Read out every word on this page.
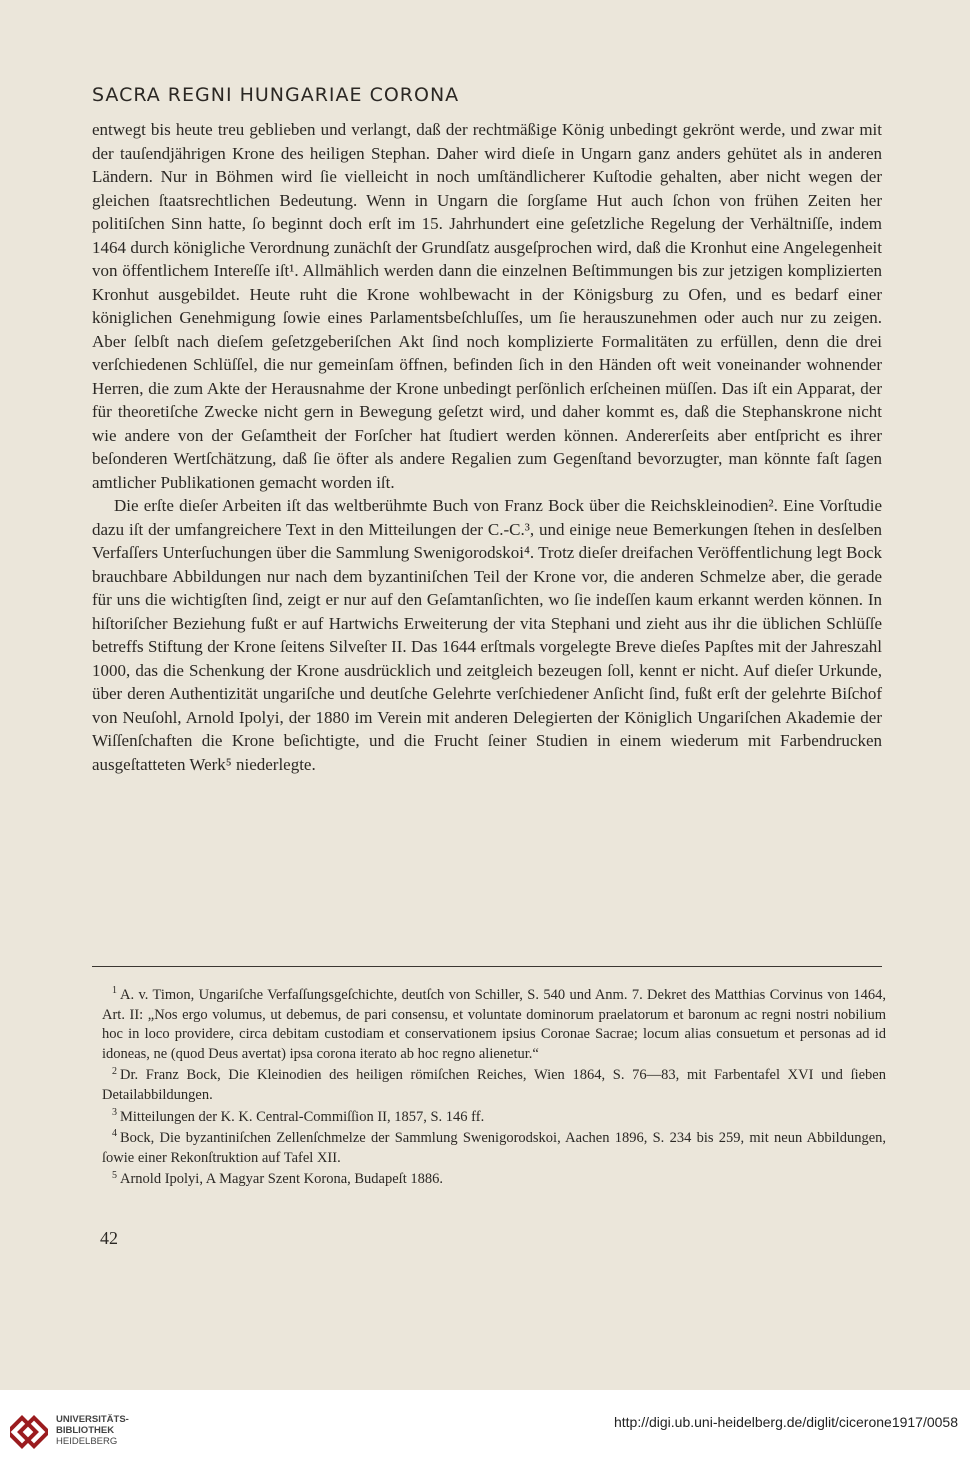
SACRA REGNI HUNGARIAE CORONA

entwegt bis heute treu geblieben und verlangt, daß der rechtmäßige König unbedingt gekrönt werde, und zwar mit der tauſendjährigen Krone des heiligen Stephan. Daher wird dieſe in Ungarn ganz anders gehütet als in anderen Ländern. Nur in Böhmen wird ſie vielleicht in noch umſtändlicherer Kuſtodie gehalten, aber nicht wegen der gleichen ſtaatsrechtlichen Bedeutung. Wenn in Ungarn die ſorgſame Hut auch ſchon von frühen Zeiten her politiſchen Sinn hatte, ſo beginnt doch erſt im 15. Jahrhundert eine geſetzliche Regelung der Verhältniſſe, indem 1464 durch königliche Verordnung zunächſt der Grundſatz ausgeſprochen wird, daß die Kronhut eine Angelegenheit von öffentlichem Intereſſe iſt¹. Allmählich werden dann die einzelnen Beſtimmungen bis zur jetzigen komplizierten Kronhut ausgebildet. Heute ruht die Krone wohlbewacht in der Königsburg zu Ofen, und es bedarf einer königlichen Genehmigung ſowie eines Parlamentsbeſchluſſes, um ſie herauszunehmen oder auch nur zu zeigen. Aber ſelbſt nach dieſem geſetzgeberiſchen Akt ſind noch komplizierte Formalitäten zu erfüllen, denn die drei verſchiedenen Schlüſſel, die nur gemeinſam öffnen, befinden ſich in den Händen oft weit voneinander wohnender Herren, die zum Akte der Herausnahme der Krone unbedingt perſönlich erſcheinen müſſen. Das iſt ein Apparat, der für theoretiſche Zwecke nicht gern in Bewegung geſetzt wird, und daher kommt es, daß die Stephanskrone nicht wie andere von der Geſamtheit der Forſcher hat ſtudiert werden können. Andererſeits aber entſpricht es ihrer beſonderen Wertſchätzung, daß ſie öfter als andere Regalien zum Gegenſtand bevorzugter, man könnte faſt ſagen amtlicher Publikationen gemacht worden iſt.

Die erſte dieſer Arbeiten iſt das weltberühmte Buch von Franz Bock über die Reichskleinodien². Eine Vorſtudie dazu iſt der umfangreichere Text in den Mitteilungen der C.-C.³, und einige neue Bemerkungen ſtehen in desſelben Verfaſſers Unterſuchungen über die Sammlung Swenigorodskoi⁴. Trotz dieſer dreifachen Veröffentlichung legt Bock brauchbare Abbildungen nur nach dem byzantiniſchen Teil der Krone vor, die anderen Schmelze aber, die gerade für uns die wichtigſten ſind, zeigt er nur auf den Geſamtanſichten, wo ſie indeſſen kaum erkannt werden können. In hiſtoriſcher Beziehung fußt er auf Hartwichs Erweiterung der vita Stephani und zieht aus ihr die üblichen Schlüſſe betreffs Stiftung der Krone ſeitens Silveſter II. Das 1644 erſtmals vorgelegte Breve dieſes Papſtes mit der Jahreszahl 1000, das die Schenkung der Krone ausdrücklich und zeitgleich bezeugen ſoll, kennt er nicht. Auf dieſer Urkunde, über deren Authentizität ungariſche und deutſche Gelehrte verſchiedener Anſicht ſind, fußt erſt der gelehrte Biſchof von Neuſohl, Arnold Ipolyi, der 1880 im Verein mit anderen Delegierten der Königlich Ungariſchen Akademie der Wiſſenſchaften die Krone beſichtigte, und die Frucht ſeiner Studien in einem wiederum mit Farbendrucken ausgeſtatteten Werk⁵ niederlegte.

$^1$ A. v. Timon, Ungariſche Verfaſſungsgeſchichte, deutſch von Schiller, S. 540 und Anm. 7. Dekret des Matthias Corvinus von 1464, Art. II: „Nos ergo volumus, ut debemus, de pari consensu, et voluntate dominorum praelatorum et baronum ac regni nostri nobilium hoc in loco providere, circa debitam custodiam et conservationem ipsius Coronae Sacrae; locum alias consuetum et personas ad id idoneas, ne (quod Deus avertat) ipsa corona iterato ab hoc regno alienetur.“

$^2$ Dr. Franz Bock, Die Kleinodien des heiligen römiſchen Reiches, Wien 1864, S. 76—83, mit Farbentafel XVI und ſieben Detailabbildungen.

$^3$ Mitteilungen der K. K. Central-Commiſſion II, 1857, S. 146 ff.

$^4$ Bock, Die byzantiniſchen Zellenſchmelze der Sammlung Swenigorodskoi, Aachen 1896, S. 234 bis 259, mit neun Abbildungen, ſowie einer Rekonſtruktion auf Tafel XII.

$^5$ Arnold Ipolyi, A Magyar Szent Korona, Budapeſt 1886.

42
UNIVERSITÄTS-
BIBLIOTHEK
HEIDELBERG
http://digi.ub.uni-heidelberg.de/diglit/cicerone1917/0058
